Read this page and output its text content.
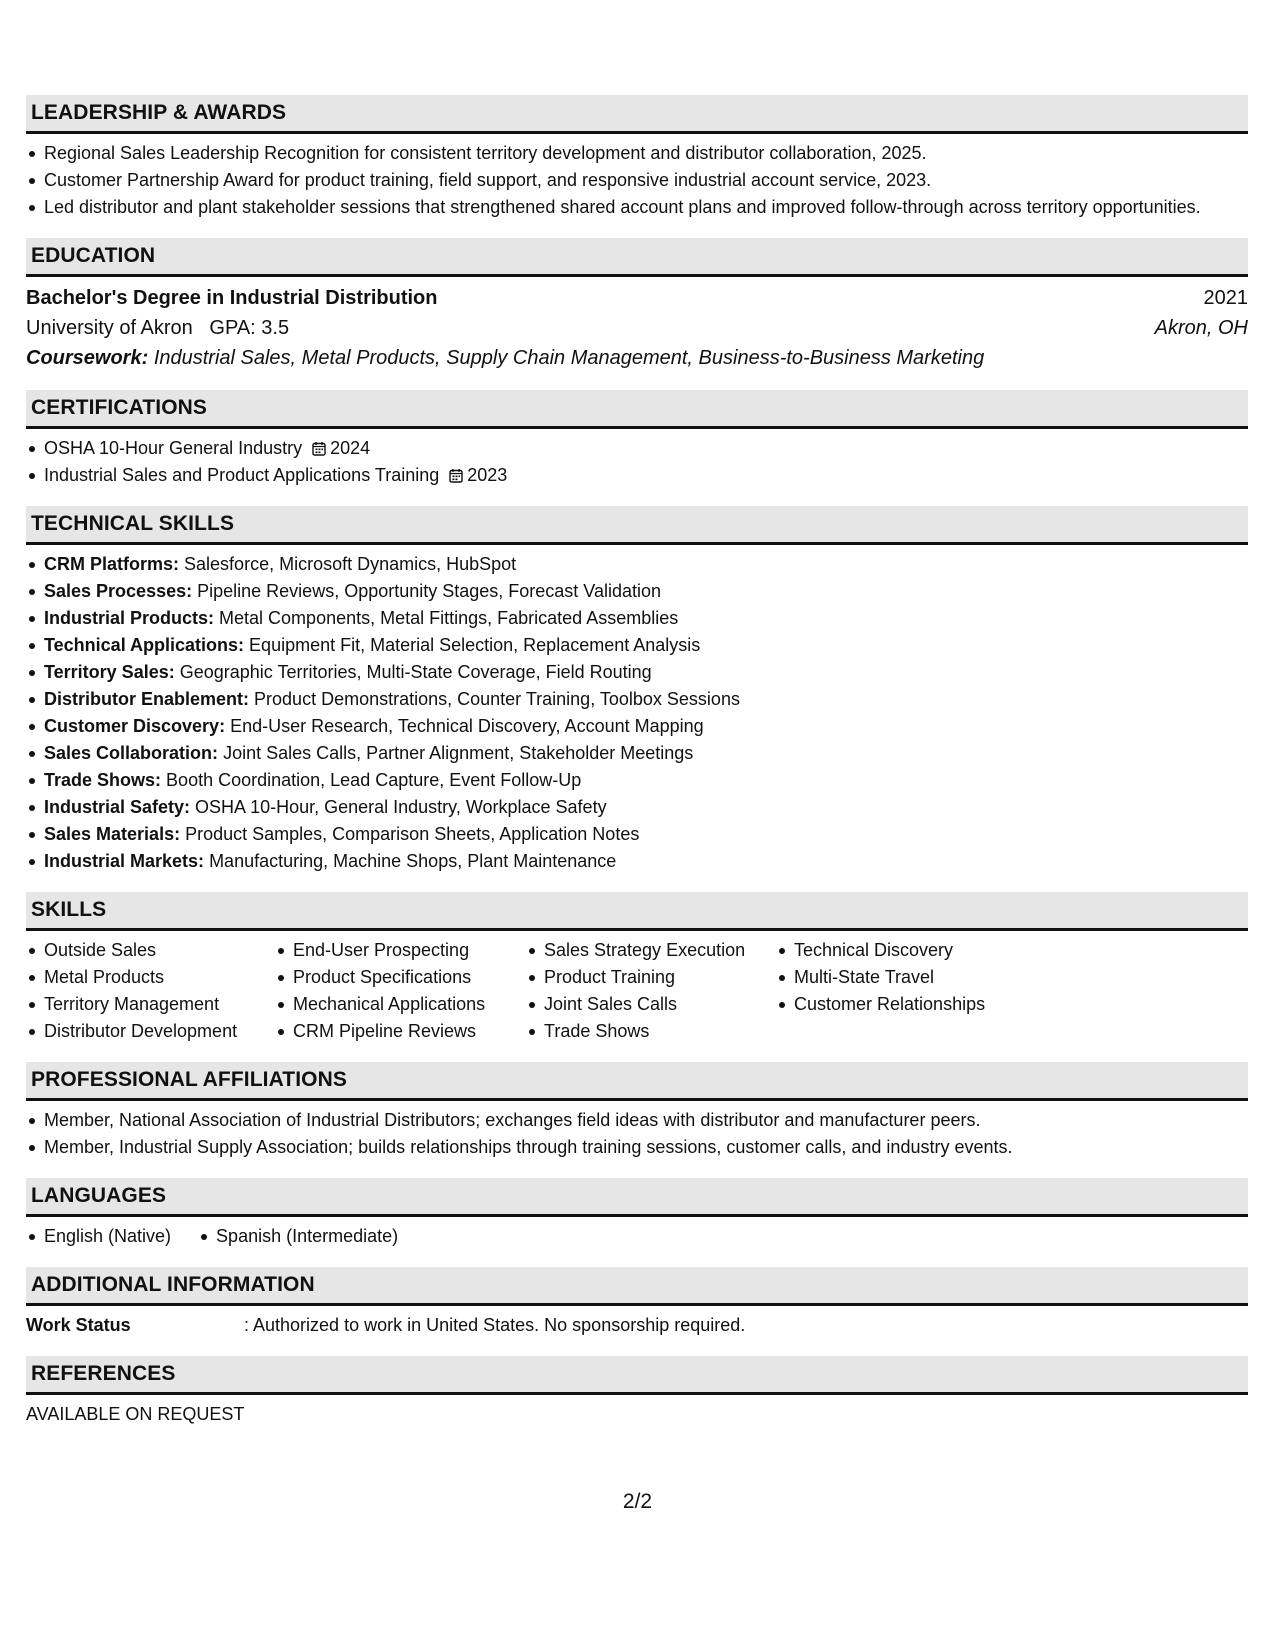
LEADERSHIP & AWARDS
Regional Sales Leadership Recognition for consistent territory development and distributor collaboration, 2025.
Customer Partnership Award for product training, field support, and responsive industrial account service, 2023.
Led distributor and plant stakeholder sessions that strengthened shared account plans and improved follow-through across territory opportunities.
EDUCATION
Bachelor's Degree in Industrial Distribution	2021
University of Akron GPA: 3.5	Akron, OH
Coursework: Industrial Sales, Metal Products, Supply Chain Management, Business-to-Business Marketing
CERTIFICATIONS
OSHA 10-Hour General Industry 2024
Industrial Sales and Product Applications Training 2023
TECHNICAL SKILLS
CRM Platforms: Salesforce, Microsoft Dynamics, HubSpot
Sales Processes: Pipeline Reviews, Opportunity Stages, Forecast Validation
Industrial Products: Metal Components, Metal Fittings, Fabricated Assemblies
Technical Applications: Equipment Fit, Material Selection, Replacement Analysis
Territory Sales: Geographic Territories, Multi-State Coverage, Field Routing
Distributor Enablement: Product Demonstrations, Counter Training, Toolbox Sessions
Customer Discovery: End-User Research, Technical Discovery, Account Mapping
Sales Collaboration: Joint Sales Calls, Partner Alignment, Stakeholder Meetings
Trade Shows: Booth Coordination, Lead Capture, Event Follow-Up
Industrial Safety: OSHA 10-Hour, General Industry, Workplace Safety
Sales Materials: Product Samples, Comparison Sheets, Application Notes
Industrial Markets: Manufacturing, Machine Shops, Plant Maintenance
SKILLS
Outside Sales
Metal Products
Territory Management
Distributor Development
End-User Prospecting
Product Specifications
Mechanical Applications
CRM Pipeline Reviews
Sales Strategy Execution
Product Training
Joint Sales Calls
Trade Shows
Technical Discovery
Multi-State Travel
Customer Relationships
PROFESSIONAL AFFILIATIONS
Member, National Association of Industrial Distributors; exchanges field ideas with distributor and manufacturer peers.
Member, Industrial Supply Association; builds relationships through training sessions, customer calls, and industry events.
LANGUAGES
English (Native)	Spanish (Intermediate)
ADDITIONAL INFORMATION
Work Status	: Authorized to work in United States. No sponsorship required.
REFERENCES
AVAILABLE ON REQUEST
2/2
